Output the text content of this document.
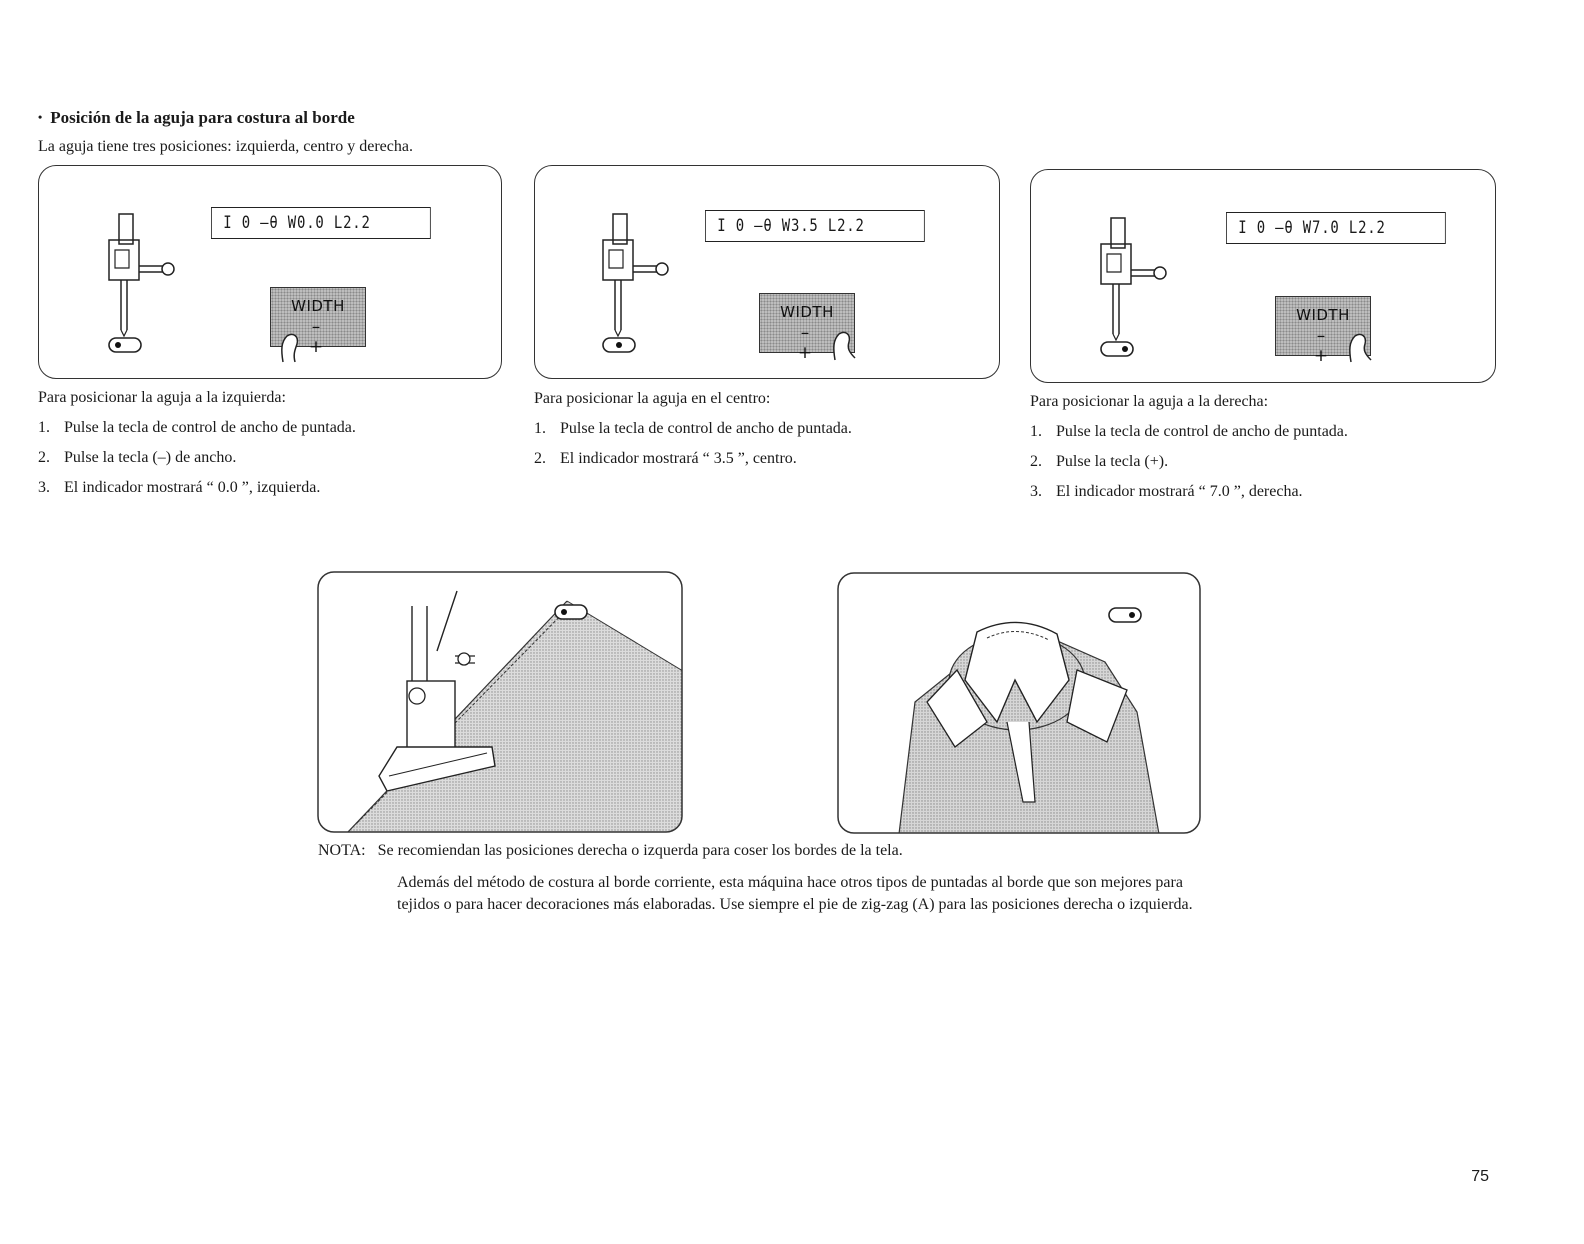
• Posición de la aguja para costura al borde
La aguja tiene tres posiciones: izquierda, centro y derecha.
I 0 —θ W0.0 L2.2
WIDTH
– +
I 0 —θ W3.5 L2.2
WIDTH
– +
I 0 —θ W7.0 L2.2
WIDTH
– +
Para posicionar la aguja a la izquierda:
1. Pulse la tecla de control de ancho de puntada.
2. Pulse la tecla (–) de ancho.
3. El indicador mostrará “ 0.0 ”, izquierda.
Para posicionar la aguja en el centro:
1. Pulse la tecla de control de ancho de puntada.
2. El indicador mostrará “ 3.5 ”, centro.
Para posicionar la aguja a la derecha:
1. Pulse la tecla de control de ancho de puntada.
2. Pulse la tecla (+).
3. El indicador mostrará “ 7.0 ”, derecha.
NOTA: Se recomiendan las posiciones derecha o izquerda para coser los bordes de la tela.
Además del método de costura al borde corriente, esta máquina hace otros tipos de puntadas al borde que son mejores para tejidos o para hacer decoraciones más elaboradas. Use siempre el pie de zig-zag (A) para las posiciones derecha o izquierda.
75
